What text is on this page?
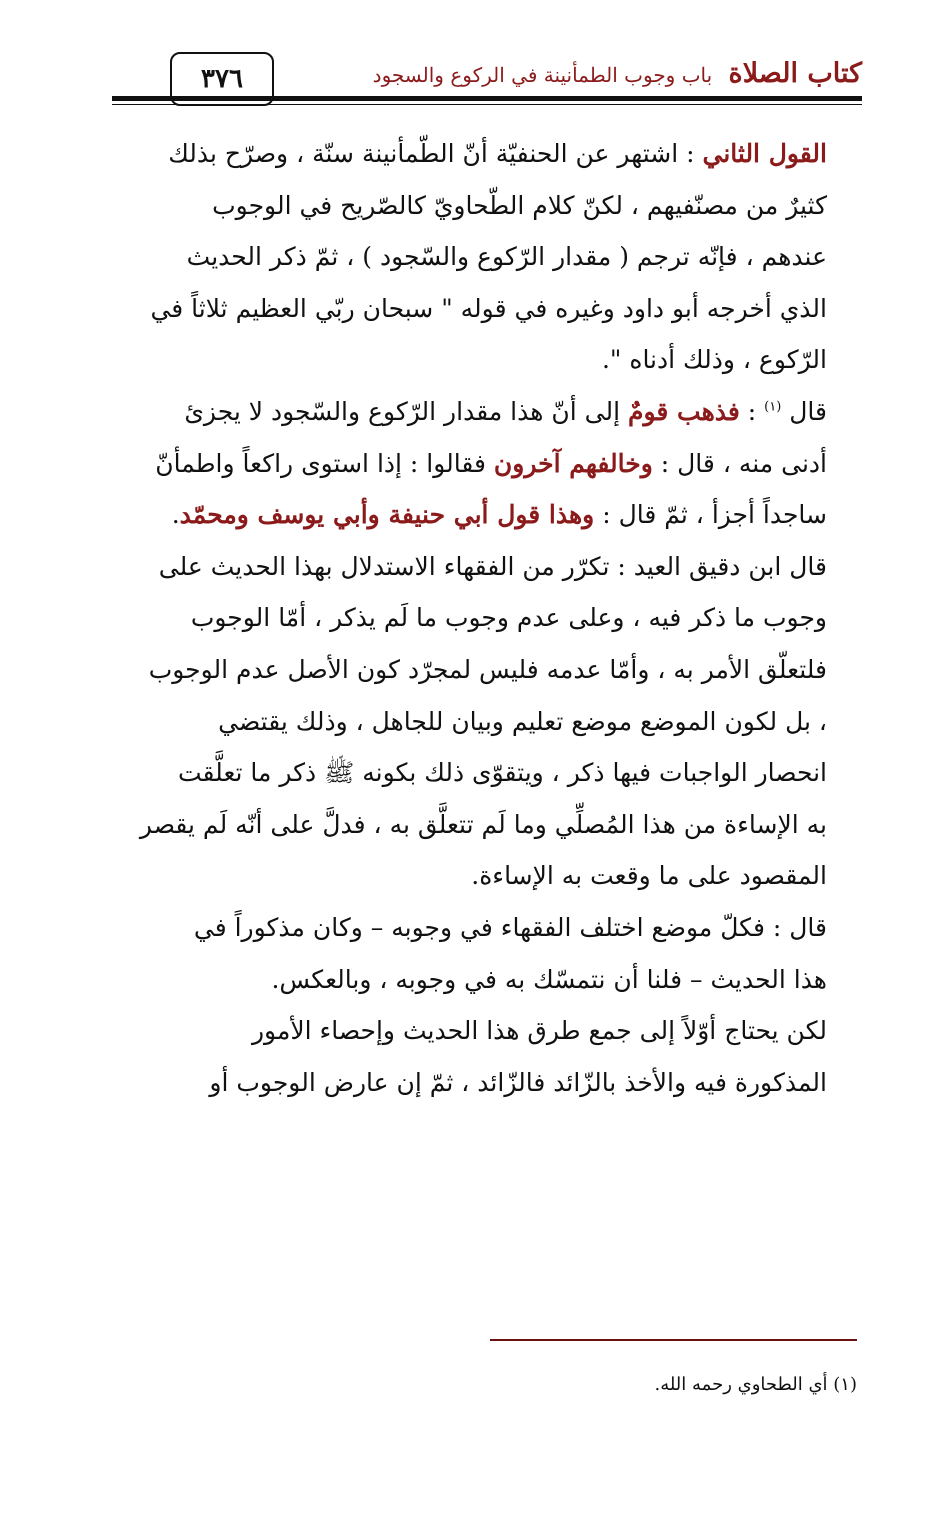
كتاب الصلاة باب وجوب الطمأنينة في الركوع والسجود
٣٧٦

القول الثاني : اشتهر عن الحنفيّة أنّ الطّمأنينة سنّة ، وصرّح بذلك
كثيرٌ من مصنّفيهم ، لكنّ كلام الطّحاويّ كالصّريح في الوجوب
عندهم ، فإنّه ترجم ( مقدار الرّكوع والسّجود ) ، ثمّ ذكر الحديث
الذي أخرجه أبو داود وغيره في قوله " سبحان ربّي العظيم ثلاثاً في
الرّكوع ، وذلك أدناه ".

قال $^{(١)}$ : فذهب قومٌ إلى أنّ هذا مقدار الرّكوع والسّجود لا يجزئ
أدنى منه ، قال : وخالفهم آخرون فقالوا : إذا استوى راكعاً واطمأنّ
ساجداً أجزأ ، ثمّ قال : وهذا قول أبي حنيفة وأبي يوسف ومحمّد.

قال ابن دقيق العيد : تكرّر من الفقهاء الاستدلال بهذا الحديث على
وجوب ما ذكر فيه ، وعلى عدم وجوب ما لَم يذكر ، أمّا الوجوب
فلتعلّق الأمر به ، وأمّا عدمه فليس لمجرّد كون الأصل عدم الوجوب
، بل لكون الموضع موضع تعليم وبيان للجاهل ، وذلك يقتضي
انحصار الواجبات فيها ذكر ، ويتقوّى ذلك بكونه ﷺ ذكر ما تعلَّقت
به الإساءة من هذا المُصلِّي وما لَم تتعلَّق به ، فدلَّ على أنّه لَم يقصر
المقصود على ما وقعت به الإساءة.

قال : فكلّ موضع اختلف الفقهاء في وجوبه – وكان مذكوراً في
هذا الحديث – فلنا أن نتمسّك به في وجوبه ، وبالعكس.

لكن يحتاج أوّلاً إلى جمع طرق هذا الحديث وإحصاء الأمور
المذكورة فيه والأخذ بالزّائد فالزّائد ، ثمّ إن عارض الوجوب أو

(١) أي الطحاوي رحمه الله.
